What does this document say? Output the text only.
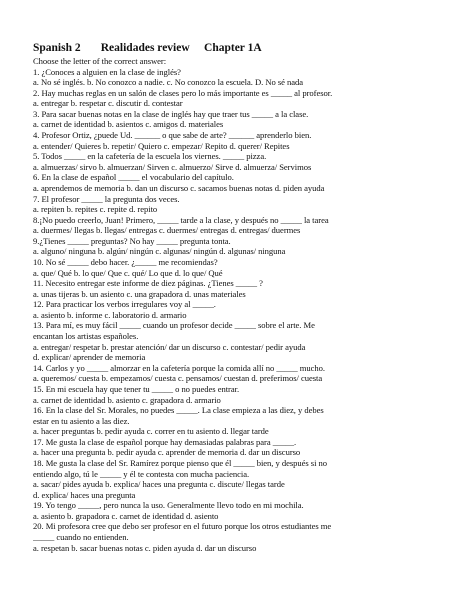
Spanish 2       Realidades review     Chapter 1A
Choose the letter of the correct answer:
1. ¿Conoces a alguien en la clase de inglés?
a. No sé inglés. b. No conozco a nadie. c. No conozco la escuela. D. No sé nada
2. Hay muchas reglas en un salón de clases pero lo más importante es _____ al profesor.
a. entregar b. respetar c. discutir d. contestar
3. Para sacar buenas notas en la clase de inglés hay que traer tus _____ a la clase.
a. carnet de identidad b. asientos c. amigos d. materiales
4. Profesor Ortiz, ¿puede Ud. ______ o que sabe de arte? ______ aprenderlo bien.
a. entender/ Quieres b. repetir/ Quiero c. empezar/ Repito d. querer/ Repites
5. Todos _____ en la cafetería de la escuela los viernes. _____ pizza.
a. almuerzas/ sirvo b. almuerzan/ Sirven c. almuerzo/ Sirve d. almuerza/ Servimos
6. En la clase de español _____ el vocabulario del capítulo.
a. aprendemos de memoria b. dan un discurso c. sacamos buenas notas d. piden ayuda
7. El profesor _____ la pregunta dos veces.
a. repiten b. repites c. repite d. repito
8.¡No puedo creerlo, Juan! Primero, _____ tarde a la clase, y después no _____ la tarea
a. duermes/ llegas b. llegas/ entregas c. duermes/ entregas d. entregas/ duermes
9.¿Tienes _____ preguntas? No hay _____ pregunta tonta.
a. alguno/ ninguna b. algún/ ningún c. algunas/ ningún d. algunas/ ninguna
10. No sé _____ debo hacer. ¿_____ me recomiendas?
a. que/ Qué b. lo que/ Que c. qué/ Lo que d. lo que/ Qué
11. Necesito entregar este informe de diez páginas. ¿Tienes _____ ?
a. unas tijeras b. un asiento c. una grapadora d. unas materiales
12. Para practicar los verbos irregulares voy al _____.
a. asiento b. informe c. laboratorio d. armario
13. Para mí, es muy fácil _____ cuando un profesor decide _____ sobre el arte. Me
encantan los artistas españoles.
a. entregar/ respetar b. prestar atención/ dar un discurso c. contestar/ pedir ayuda
d. explicar/ aprender de memoria
14. Carlos y yo _____ almorzar en la cafetería porque la comida allí no _____ mucho.
a. queremos/ cuesta b. empezamos/ cuesta c. pensamos/ cuestan d. preferimos/ cuesta
15. En mi escuela hay que tener tu _____ o no puedes entrar.
a. carnet de identidad b. asiento c. grapadora d. armario
16. En la clase del Sr. Morales, no puedes _____. La clase empieza a las diez, y debes
estar en tu asiento a las diez.
a. hacer preguntas b. pedir ayuda c. correr en tu asiento d. llegar tarde
17. Me gusta la clase de español porque hay demasiadas palabras para _____.
a. hacer una pregunta b. pedir ayuda c. aprender de memoria d. dar un discurso
18. Me gusta la clase del Sr. Ramírez porque pienso que él _____ bien, y después si no
entiendo algo, tú le _____ y él te contesta con mucha paciencia.
a. sacar/ pides ayuda b. explica/ haces una pregunta c. discute/ llegas tarde
d. explica/ haces una pregunta
19. Yo tengo _____, pero nunca la uso. Generalmente llevo todo en mi mochila.
a. asiento b. grapadora c. carnet de identidad d. asiento
20. Mi profesora cree que debo ser profesor en el futuro porque los otros estudiantes me
_____ cuando no entienden.
a. respetan b. sacar buenas notas c. piden ayuda d. dar un discurso
